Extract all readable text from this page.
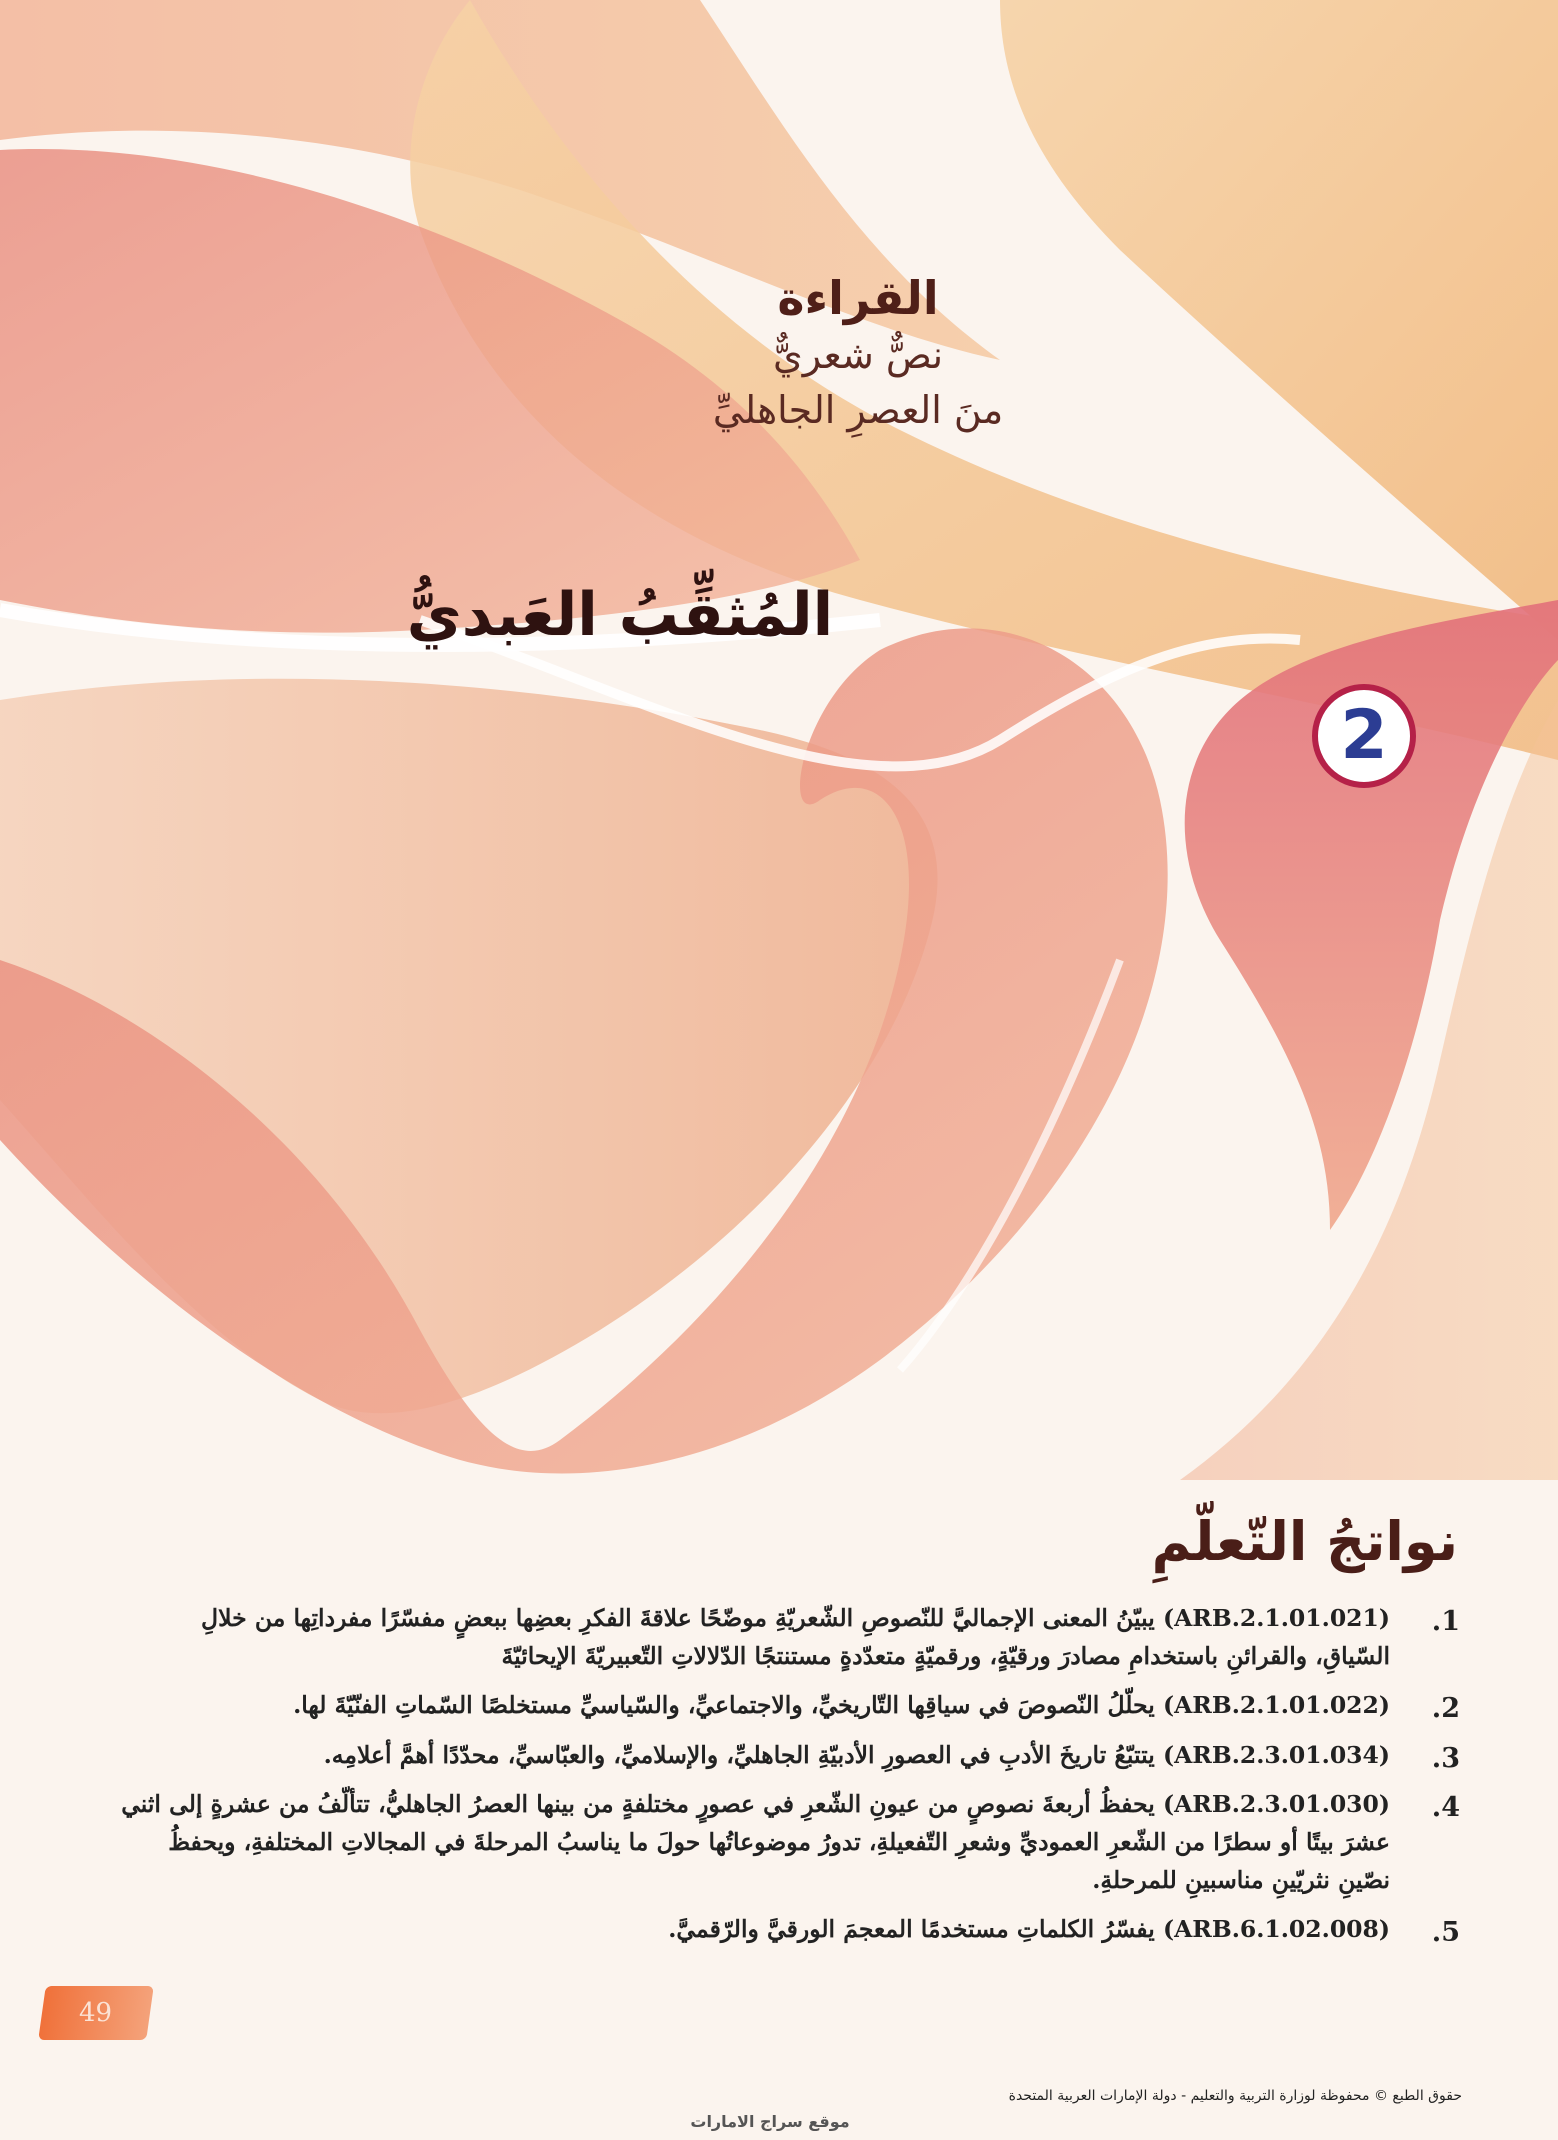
القراءة
نصٌّ شعريٌّ
منَ العصرِ الجاهليِّ
المُثقِّبُ العَبديُّ
2
نواتجُ التّعلّمِ
1.
(ARB.2.1.01.021) يبيّنُ المعنى الإجماليَّ للنّصوصِ الشّعريّةِ موضّحًا علاقةَ الفكرِ بعضِها ببعضٍ مفسّرًا مفرداتِها من خلالِ السّياقِ، والقرائنِ باستخدامِ مصادرَ ورقيّةٍ، ورقميّةٍ متعدّدةٍ مستنتجًا الدّلالاتِ التّعبيريّةَ الإيحائيّةَ
2.
(ARB.2.1.01.022) يحلّلُ النّصوصَ في سياقِها التّاريخيِّ، والاجتماعيِّ، والسّياسيِّ مستخلصًا السّماتِ الفنّيّةَ لها.
3.
(ARB.2.3.01.034) يتتبّعُ تاريخَ الأدبِ في العصورِ الأدبيّةِ الجاهليِّ، والإسلاميِّ، والعبّاسيِّ، محدّدًا أهمَّ أعلامِه.
4.
(ARB.2.3.01.030) يحفظُ أربعةَ نصوصٍ من عيونِ الشّعرِ في عصورٍ مختلفةٍ من بينها العصرُ الجاهليُّ، تتألّفُ من عشرةٍ إلى اثني عشرَ بيتًا أو سطرًا من الشّعرِ العموديِّ وشعرِ التّفعيلةِ، تدورُ موضوعاتُها حولَ ما يناسبُ المرحلةَ في المجالاتِ المختلفةِ، ويحفظُ نصّينِ نثريّينِ مناسبينِ للمرحلةِ.
5.
(ARB.6.1.02.008) يفسّرُ الكلماتِ مستخدمًا المعجمَ الورقيَّ والرّقميَّ.
49
حقوق الطبع © محفوظة لوزارة التربية والتعليم - دولة الإمارات العربية المتحدة
موقع سراج الامارات
